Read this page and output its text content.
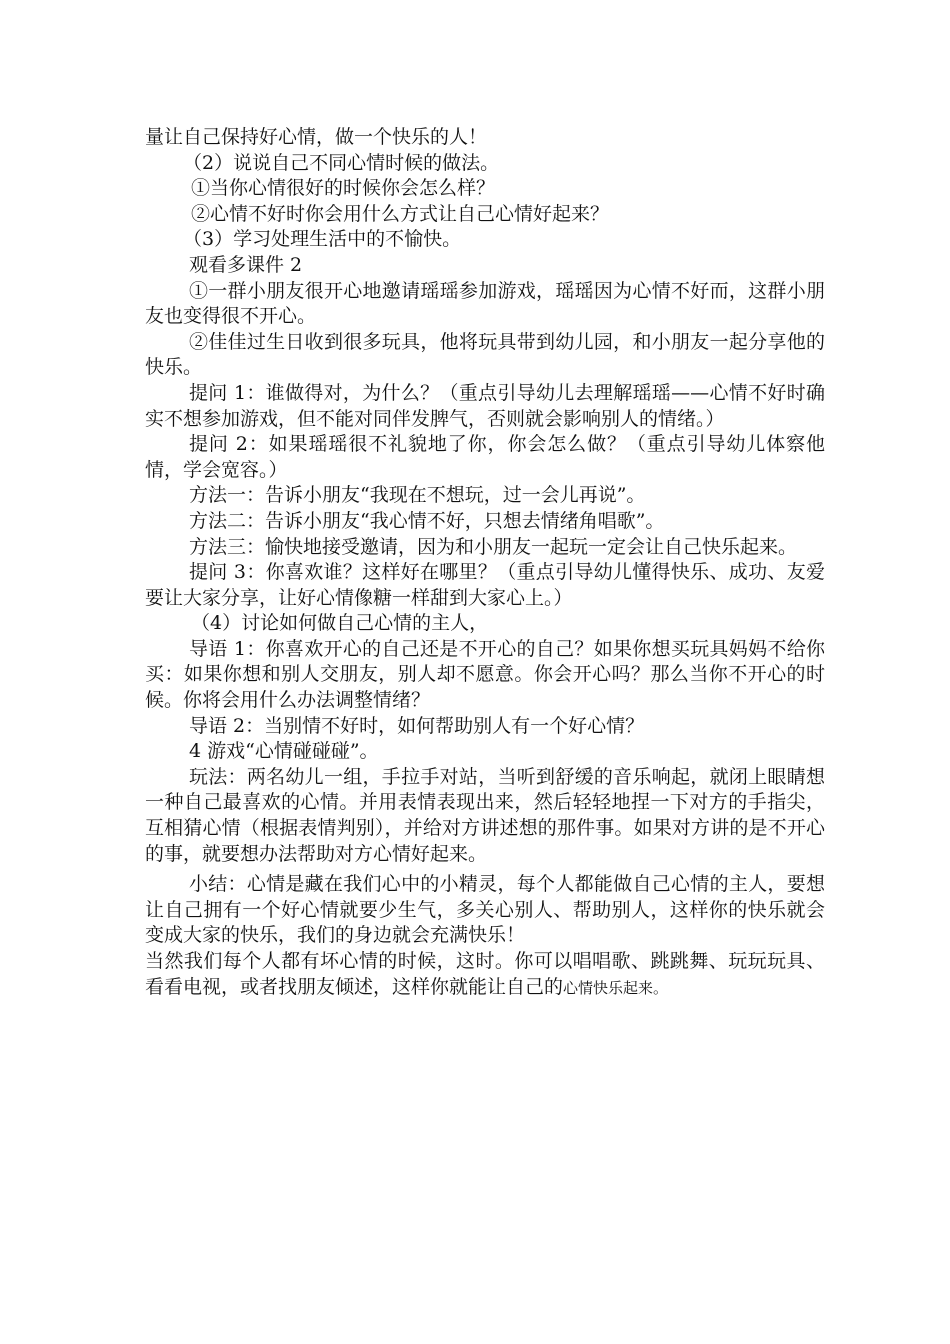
量让自己保持好心情，做一个快乐的人！

（2）说说自己不同心情时候的做法。

①当你心情很好的时候你会怎么样？

②心情不好时你会用什么方式让自己心情好起来？

（3）学习处理生活中的不愉快。

观看多课件 2

①一群小朋友很开心地邀请瑶瑶参加游戏，瑶瑶因为心情不好而，这群小朋友也变得很不开心。

②佳佳过生日收到很多玩具，他将玩具带到幼儿园，和小朋友一起分享他的快乐。

提问 1：谁做得对，为什么？（重点引导幼儿去理解瑶瑶——心情不好时确实不想参加游戏，但不能对同伴发脾气，否则就会影响别人的情绪。）

提问 2：如果瑶瑶很不礼貌地了你，你会怎么做？（重点引导幼儿体察他情，学会宽容。）

方法一：告诉小朋友“我现在不想玩，过一会儿再说”。

方法二：告诉小朋友“我心情不好，只想去情绪角唱歌”。

方法三：愉快地接受邀请，因为和小朋友一起玩一定会让自己快乐起来。

提问 3：你喜欢谁？这样好在哪里？（重点引导幼儿懂得快乐、成功、友爱要让大家分享，让好心情像糖一样甜到大家心上。）

（4）讨论如何做自己心情的主人，

导语 1：你喜欢开心的自己还是不开心的自己？如果你想买玩具妈妈不给你买：如果你想和别人交朋友，别人却不愿意。你会开心吗？那么当你不开心的时候。你将会用什么办法调整情绪？

导语 2：当别情不好时，如何帮助别人有一个好心情？

4 游戏“心情碰碰碰”。

玩法：两名幼儿一组，手拉手对站，当听到舒缓的音乐响起，就闭上眼睛想一种自己最喜欢的心情。并用表情表现出来，然后轻轻地捏一下对方的手指尖，互相猜心情（根据表情判别），并给对方讲述想的那件事。如果对方讲的是不开心的事，就要想办法帮助对方心情好起来。

小结：心情是藏在我们心中的小精灵，每个人都能做自己心情的主人，要想让自己拥有一个好心情就要少生气，多关心别人、帮助别人，这样你的快乐就会变成大家的快乐，我们的身边就会充满快乐！

当然我们每个人都有坏心情的时候，这时。你可以唱唱歌、跳跳舞、玩玩玩具、看看电视，或者找朋友倾述，这样你就能让自己的心情快乐起来。
